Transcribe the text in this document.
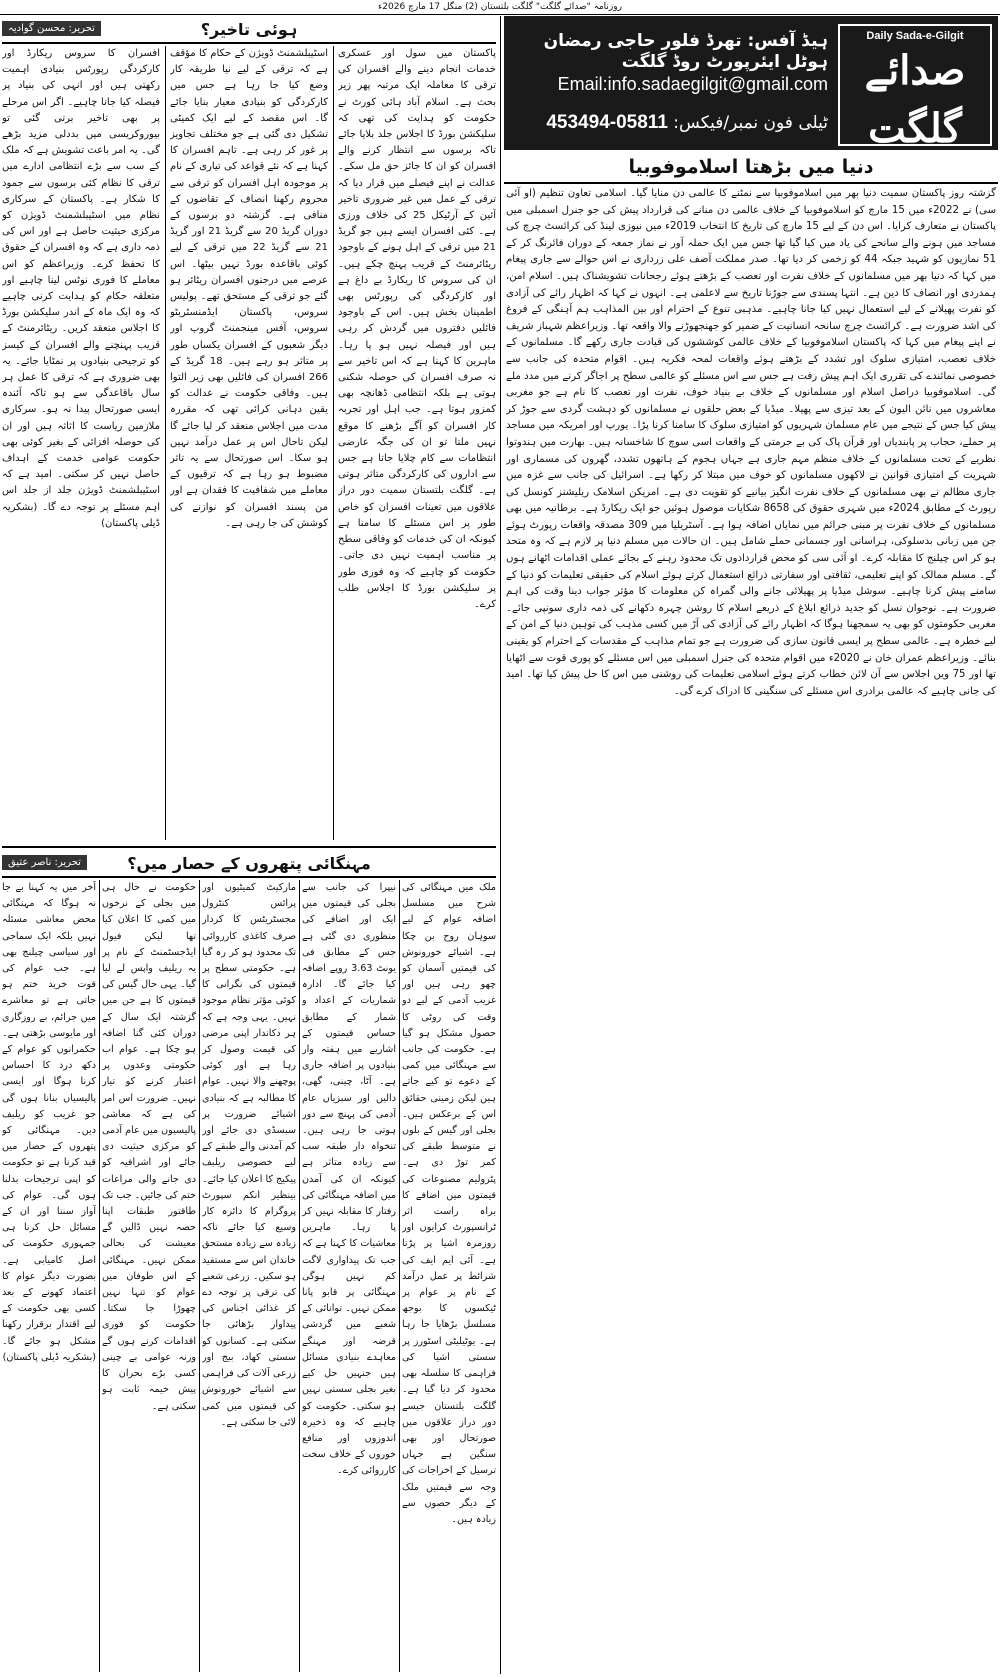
روزنامہ "صدائے گلگت" گلگت بلتستان (2) منگل 17 مارچ 2026ء
Daily Sada-e-Gilgit
صدائے گلگت
ہیڈ آفس: تھرڈ فلور حاجی رمضان ہوٹل ایئرپورٹ روڈ گلگت
Email:info.sadaegilgit@gmail.com
ٹیلی فون نمبر/فیکس: 05811-453494
دنیا میں بڑھتا اسلاموفوبیا
گزشتہ روز پاکستان سمیت دنیا بھر میں اسلاموفوبیا سے نمٹنے کا عالمی دن منایا گیا۔ اسلامی تعاون تنظیم (او آئی سی) نے 2022ء میں 15 مارچ کو اسلاموفوبیا کے خلاف عالمی دن منانے کی قرارداد پیش کی جو جنرل اسمبلی میں پاکستان نے متعارف کرایا۔ اس دن کے لیے 15 مارچ کی تاریخ کا انتخاب 2019ء میں نیوزی لینڈ کی کرائسٹ چرچ کی مساجد میں ہونے والے سانحے کی یاد میں کیا گیا تھا جس میں ایک حملہ آور نے نماز جمعہ کے دوران فائرنگ کر کے 51 نمازیوں کو شہید جبکہ 44 کو زخمی کر دیا تھا۔ صدر مملکت آصف علی زرداری نے اس حوالے سے جاری پیغام میں کہا کہ دنیا بھر میں مسلمانوں کے خلاف نفرت اور تعصب کے بڑھتے ہوئے رجحانات تشویشناک ہیں۔ اسلام امن، ہمدردی اور انصاف کا دین ہے۔ انتہا پسندی سے جوڑنا تاریخ سے لاعلمی ہے۔ انہوں نے کہا کہ اظہار رائے کی آزادی کو نفرت پھیلانے کے لیے استعمال نہیں کیا جانا چاہیے۔ مذہبی تنوع کے احترام اور بین المذاہب ہم آہنگی کے فروغ کی اشد ضرورت ہے۔ کرائسٹ چرچ سانحہ انسانیت کے ضمیر کو جھنجھوڑنے والا واقعہ تھا۔ وزیراعظم شہباز شریف نے اپنے پیغام میں کہا کہ پاکستان اسلاموفوبیا کے خلاف عالمی کوششوں کی قیادت جاری رکھے گا۔ مسلمانوں کے خلاف تعصب، امتیازی سلوک اور تشدد کے بڑھتے ہوئے واقعات لمحہ فکریہ ہیں۔ اقوام متحدہ کی جانب سے خصوصی نمائندے کی تقرری ایک اہم پیش رفت ہے جس سے اس مسئلے کو عالمی سطح پر اجاگر کرنے میں مدد ملے گی۔ اسلاموفوبیا دراصل اسلام اور مسلمانوں کے خلاف بے بنیاد خوف، نفرت اور تعصب کا نام ہے جو مغربی معاشروں میں نائن الیون کے بعد تیزی سے پھیلا۔ میڈیا کے بعض حلقوں نے مسلمانوں کو دہشت گردی سے جوڑ کر پیش کیا جس کے نتیجے میں عام مسلمان شہریوں کو امتیازی سلوک کا سامنا کرنا پڑا۔ یورپ اور امریکہ میں مساجد پر حملے، حجاب پر پابندیاں اور قرآن پاک کی بے حرمتی کے واقعات اسی سوچ کا شاخسانہ ہیں۔ بھارت میں ہندوتوا نظریے کے تحت مسلمانوں کے خلاف منظم مہم جاری ہے جہاں ہجوم کے ہاتھوں تشدد، گھروں کی مسماری اور شہریت کے امتیازی قوانین نے لاکھوں مسلمانوں کو خوف میں مبتلا کر رکھا ہے۔ اسرائیل کی جانب سے غزہ میں جاری مظالم نے بھی مسلمانوں کے خلاف نفرت انگیز بیانیے کو تقویت دی ہے۔ امریکن اسلامک ریلیشنز کونسل کی رپورٹ کے مطابق 2024ء میں شہری حقوق کی 8658 شکایات موصول ہوئیں جو ایک ریکارڈ ہے۔ برطانیہ میں بھی مسلمانوں کے خلاف نفرت پر مبنی جرائم میں نمایاں اضافہ ہوا ہے۔ آسٹریلیا میں 309 مصدقہ واقعات رپورٹ ہوئے جن میں زبانی بدسلوکی، ہراسانی اور جسمانی حملے شامل ہیں۔ ان حالات میں مسلم دنیا پر لازم ہے کہ وہ متحد ہو کر اس چیلنج کا مقابلہ کرے۔ او آئی سی کو محض قراردادوں تک محدود رہنے کے بجائے عملی اقدامات اٹھانے ہوں گے۔ مسلم ممالک کو اپنے تعلیمی، ثقافتی اور سفارتی ذرائع استعمال کرتے ہوئے اسلام کی حقیقی تعلیمات کو دنیا کے سامنے پیش کرنا چاہیے۔ سوشل میڈیا پر پھیلائی جانے والی گمراہ کن معلومات کا مؤثر جواب دینا وقت کی اہم ضرورت ہے۔ نوجوان نسل کو جدید ذرائع ابلاغ کے ذریعے اسلام کا روشن چہرہ دکھانے کی ذمہ داری سونپی جائے۔ مغربی حکومتوں کو بھی یہ سمجھنا ہوگا کہ اظہار رائے کی آزادی کی آڑ میں کسی مذہب کی توہین دنیا کے امن کے لیے خطرہ ہے۔ عالمی سطح پر ایسی قانون سازی کی ضرورت ہے جو تمام مذاہب کے مقدسات کے احترام کو یقینی بنائے۔ وزیراعظم عمران خان نے 2020ء میں اقوام متحدہ کی جنرل اسمبلی میں اس مسئلے کو پوری قوت سے اٹھایا تھا اور 75 ویں اجلاس سے آن لائن خطاب کرتے ہوئے اسلامی تعلیمات کی روشنی میں اس کا حل پیش کیا تھا۔ امید کی جانی چاہیے کہ عالمی برادری اس مسئلے کی سنگینی کا ادراک کرے گی۔
ہوئی تاخیر؟
تحریر: محسن گوادیہ
پاکستان میں سول اور عسکری خدمات انجام دینے والے افسران کی ترقی کا معاملہ ایک مرتبہ پھر زیر بحث ہے۔ اسلام آباد ہائی کورٹ نے حکومت کو ہدایت کی تھی کہ سلیکشن بورڈ کا اجلاس جلد بلایا جائے تاکہ برسوں سے انتظار کرنے والے افسران کو ان کا جائز حق مل سکے۔ عدالت نے اپنے فیصلے میں قرار دیا کہ ترقی کے عمل میں غیر ضروری تاخیر آئین کے آرٹیکل 25 کی خلاف ورزی ہے۔ کئی افسران ایسے ہیں جو گریڈ 21 میں ترقی کے اہل ہونے کے باوجود ریٹائرمنٹ کے قریب پہنچ چکے ہیں۔ ان کی سروس کا ریکارڈ بے داغ ہے اور کارکردگی کی رپورٹس بھی اطمینان بخش ہیں۔ اس کے باوجود فائلیں دفتروں میں گردش کر رہی ہیں اور فیصلہ نہیں ہو پا رہا۔ ماہرین کا کہنا ہے کہ اس تاخیر سے نہ صرف افسران کی حوصلہ شکنی ہوتی ہے بلکہ انتظامی ڈھانچہ بھی کمزور ہوتا ہے۔ جب اہل اور تجربہ کار افسران کو آگے بڑھنے کا موقع نہیں ملتا تو ان کی جگہ عارضی انتظامات سے کام چلایا جاتا ہے جس سے اداروں کی کارکردگی متاثر ہوتی ہے۔ گلگت بلتستان سمیت دور دراز علاقوں میں تعینات افسران کو خاص طور پر اس مسئلے کا سامنا ہے کیونکہ ان کی خدمات کو وفاقی سطح پر مناسب اہمیت نہیں دی جاتی۔ حکومت کو چاہیے کہ وہ فوری طور پر سلیکشن بورڈ کا اجلاس طلب کرے۔
اسٹیبلشمنٹ ڈویژن کے حکام کا مؤقف ہے کہ ترقی کے لیے نیا طریقہ کار وضع کیا جا رہا ہے جس میں کارکردگی کو بنیادی معیار بنایا جائے گا۔ اس مقصد کے لیے ایک کمیٹی تشکیل دی گئی ہے جو مختلف تجاویز پر غور کر رہی ہے۔ تاہم افسران کا کہنا ہے کہ نئے قواعد کی تیاری کے نام پر موجودہ اہل افسران کو ترقی سے محروم رکھنا انصاف کے تقاضوں کے منافی ہے۔ گزشتہ دو برسوں کے دوران گریڈ 20 سے گریڈ 21 اور گریڈ 21 سے گریڈ 22 میں ترقی کے لیے کوئی باقاعدہ بورڈ نہیں بیٹھا۔ اس عرصے میں درجنوں افسران ریٹائر ہو گئے جو ترقی کے مستحق تھے۔ پولیس سروس، پاکستان ایڈمنسٹریٹو سروس، آفس مینجمنٹ گروپ اور دیگر شعبوں کے افسران یکساں طور پر متاثر ہو رہے ہیں۔ 18 گریڈ کے 266 افسران کی فائلیں بھی زیر التوا ہیں۔ وفاقی حکومت نے عدالت کو یقین دہانی کرائی تھی کہ مقررہ مدت میں اجلاس منعقد کر لیا جائے گا لیکن تاحال اس پر عمل درآمد نہیں ہو سکا۔ اس صورتحال سے یہ تاثر مضبوط ہو رہا ہے کہ ترقیوں کے معاملے میں شفافیت کا فقدان ہے اور من پسند افسران کو نوازنے کی کوشش کی جا رہی ہے۔
افسران کا سروس ریکارڈ اور کارکردگی رپورٹس بنیادی اہمیت رکھتی ہیں اور انہی کی بنیاد پر فیصلہ کیا جانا چاہیے۔ اگر اس مرحلے پر بھی تاخیر برتی گئی تو بیوروکریسی میں بددلی مزید بڑھے گی۔ یہ امر باعث تشویش ہے کہ ملک کے سب سے بڑے انتظامی ادارے میں ترقی کا نظام کئی برسوں سے جمود کا شکار ہے۔ پاکستان کے سرکاری نظام میں اسٹیبلشمنٹ ڈویژن کو مرکزی حیثیت حاصل ہے اور اس کی ذمہ داری ہے کہ وہ افسران کے حقوق کا تحفظ کرے۔ وزیراعظم کو اس معاملے کا فوری نوٹس لینا چاہیے اور متعلقہ حکام کو ہدایت کرنی چاہیے کہ وہ ایک ماہ کے اندر سلیکشن بورڈ کا اجلاس منعقد کریں۔ ریٹائرمنٹ کے قریب پہنچنے والے افسران کے کیسز کو ترجیحی بنیادوں پر نمٹایا جائے۔ یہ بھی ضروری ہے کہ ترقی کا عمل ہر سال باقاعدگی سے ہو تاکہ آئندہ ایسی صورتحال پیدا نہ ہو۔ سرکاری ملازمین ریاست کا اثاثہ ہیں اور ان کی حوصلہ افزائی کے بغیر کوئی بھی حکومت عوامی خدمت کے اہداف حاصل نہیں کر سکتی۔ امید ہے کہ اسٹیبلشمنٹ ڈویژن جلد از جلد اس اہم مسئلے پر توجہ دے گا۔ (بشکریہ ڈیلی پاکستان)
مہنگائی پتھروں کے حصار میں؟
تحریر: ناصر عتیق
ملک میں مہنگائی کی شرح میں مسلسل اضافہ عوام کے لیے سوہان روح بن چکا ہے۔ اشیائے خورونوش کی قیمتیں آسمان کو چھو رہی ہیں اور غریب آدمی کے لیے دو وقت کی روٹی کا حصول مشکل ہو گیا ہے۔ حکومت کی جانب سے مہنگائی میں کمی کے دعوے تو کیے جاتے ہیں لیکن زمینی حقائق اس کے برعکس ہیں۔ بجلی اور گیس کے بلوں نے متوسط طبقے کی کمر توڑ دی ہے۔ پٹرولیم مصنوعات کی قیمتوں میں اضافے کا براہ راست اثر ٹرانسپورٹ کرایوں اور روزمرہ اشیا پر پڑتا ہے۔ آئی ایم ایف کی شرائط پر عمل درآمد کے نام پر عوام پر ٹیکسوں کا بوجھ مسلسل بڑھایا جا رہا ہے۔ یوٹیلیٹی اسٹورز پر سستی اشیا کی فراہمی کا سلسلہ بھی محدود کر دیا گیا ہے۔ گلگت بلتستان جیسے دور دراز علاقوں میں صورتحال اور بھی سنگین ہے جہاں ترسیل کے اخراجات کی وجہ سے قیمتیں ملک کے دیگر حصوں سے زیادہ ہیں۔
نیپرا کی جانب سے بجلی کی قیمتوں میں ایک اور اضافے کی منظوری دی گئی ہے جس کے مطابق فی یونٹ 3.63 روپے اضافہ کیا جائے گا۔ ادارہ شماریات کے اعداد و شمار کے مطابق حساس قیمتوں کے اشاریے میں ہفتہ وار بنیادوں پر اضافہ جاری ہے۔ آٹا، چینی، گھی، دالیں اور سبزیاں عام آدمی کی پہنچ سے دور ہوتی جا رہی ہیں۔ تنخواہ دار طبقہ سب سے زیادہ متاثر ہے کیونکہ ان کی آمدن میں اضافہ مہنگائی کی رفتار کا مقابلہ نہیں کر پا رہا۔ ماہرین معاشیات کا کہنا ہے کہ جب تک پیداواری لاگت کم نہیں ہوگی مہنگائی پر قابو پانا ممکن نہیں۔ توانائی کے شعبے میں گردشی قرضہ اور مہنگے معاہدے بنیادی مسائل ہیں جنہیں حل کیے بغیر بجلی سستی نہیں ہو سکتی۔ حکومت کو چاہیے کہ وہ ذخیرہ اندوزوں اور منافع خوروں کے خلاف سخت کارروائی کرے۔
مارکیٹ کمیٹیوں اور پرائس کنٹرول مجسٹریٹس کا کردار صرف کاغذی کارروائی تک محدود ہو کر رہ گیا ہے۔ حکومتی سطح پر قیمتوں کی نگرانی کا کوئی مؤثر نظام موجود نہیں۔ یہی وجہ ہے کہ ہر دکاندار اپنی مرضی کی قیمت وصول کر رہا ہے اور کوئی پوچھنے والا نہیں۔ عوام کا مطالبہ ہے کہ بنیادی اشیائے ضرورت پر سبسڈی دی جائے اور کم آمدنی والے طبقے کے لیے خصوصی ریلیف پیکیج کا اعلان کیا جائے۔ بینظیر انکم سپورٹ پروگرام کا دائرہ کار وسیع کیا جائے تاکہ زیادہ سے زیادہ مستحق خاندان اس سے مستفید ہو سکیں۔ زرعی شعبے کی ترقی پر توجہ دے کر غذائی اجناس کی پیداوار بڑھائی جا سکتی ہے۔ کسانوں کو سستی کھاد، بیج اور زرعی آلات کی فراہمی سے اشیائے خورونوش کی قیمتوں میں کمی لائی جا سکتی ہے۔
حکومت نے حال ہی میں بجلی کے نرخوں میں کمی کا اعلان کیا تھا لیکن فیول ایڈجسٹمنٹ کے نام پر یہ ریلیف واپس لے لیا گیا۔ یہی حال گیس کی قیمتوں کا ہے جن میں گزشتہ ایک سال کے دوران کئی گنا اضافہ ہو چکا ہے۔ عوام اب حکومتی وعدوں پر اعتبار کرنے کو تیار نہیں۔ ضرورت اس امر کی ہے کہ معاشی پالیسیوں میں عام آدمی کو مرکزی حیثیت دی جائے اور اشرافیہ کو دی جانے والی مراعات ختم کی جائیں۔ جب تک طاقتور طبقات اپنا حصہ نہیں ڈالیں گے معیشت کی بحالی ممکن نہیں۔ مہنگائی کے اس طوفان میں عوام کو تنہا نہیں چھوڑا جا سکتا۔ حکومت کو فوری اقدامات کرنے ہوں گے ورنہ عوامی بے چینی کسی بڑے بحران کا پیش خیمہ ثابت ہو سکتی ہے۔
آخر میں یہ کہنا بے جا نہ ہوگا کہ مہنگائی محض معاشی مسئلہ نہیں بلکہ ایک سماجی اور سیاسی چیلنج بھی ہے۔ جب عوام کی قوت خرید ختم ہو جاتی ہے تو معاشرے میں جرائم، بے روزگاری اور مایوسی بڑھتی ہے۔ حکمرانوں کو عوام کے دکھ درد کا احساس کرنا ہوگا اور ایسی پالیسیاں بنانا ہوں گی جو غریب کو ریلیف دیں۔ مہنگائی کو پتھروں کے حصار میں قید کرنا ہے تو حکومت کو اپنی ترجیحات بدلنا ہوں گی۔ عوام کی آواز سننا اور ان کے مسائل حل کرنا ہی جمہوری حکومت کی اصل کامیابی ہے۔ بصورت دیگر عوام کا اعتماد کھونے کے بعد کسی بھی حکومت کے لیے اقتدار برقرار رکھنا مشکل ہو جائے گا۔ (بشکریہ ڈیلی پاکستان)
